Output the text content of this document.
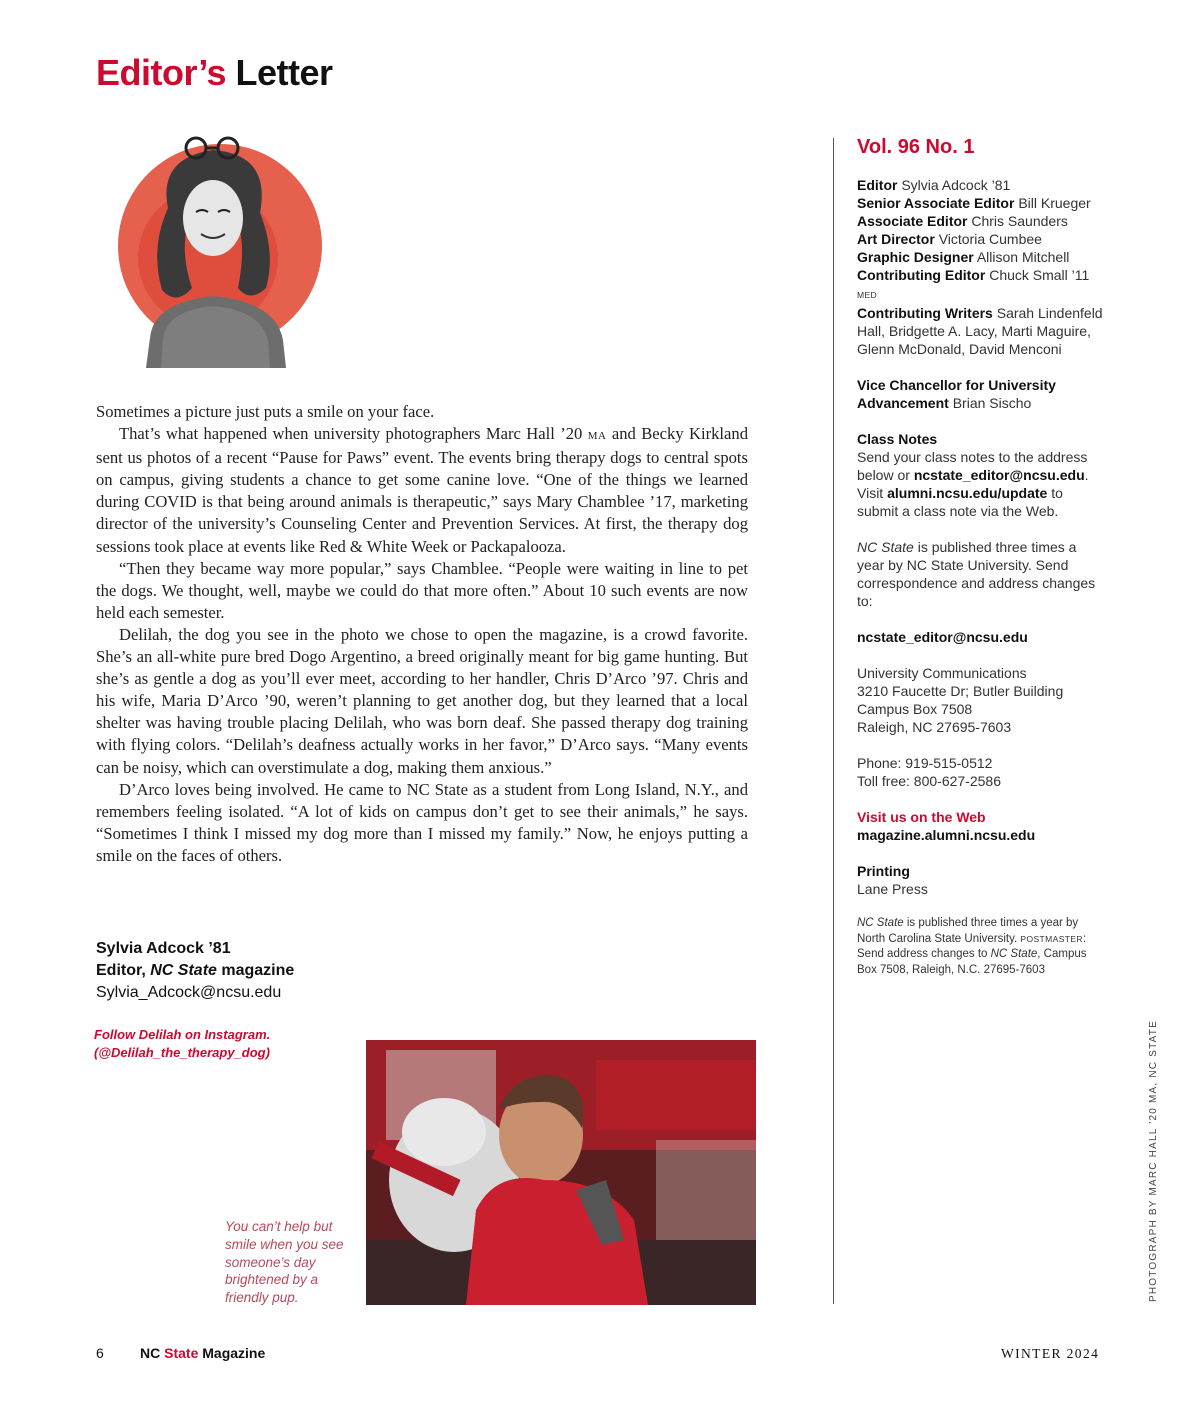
Editor’s Letter

Sometimes a picture just puts a smile on your face.

That’s what happened when university photographers Marc Hall ’20 MA and Becky Kirkland sent us photos of a recent “Pause for Paws” event. The events bring therapy dogs to central spots on campus, giving students a chance to get some canine love. “One of the things we learned during COVID is that being around animals is therapeutic,” says Mary Chamblee ’17, marketing director of the university’s Counseling Center and Prevention Services. At first, the therapy dog sessions took place at events like Red & White Week or Packapalooza.

“Then they became way more popular,” says Chamblee. “People were waiting in line to pet the dogs. We thought, well, maybe we could do that more often.” About 10 such events are now held each semester.

Delilah, the dog you see in the photo we chose to open the magazine, is a crowd favorite. She’s an all-white pure bred Dogo Argentino, a breed originally meant for big game hunting. But she’s as gentle a dog as you’ll ever meet, according to her handler, Chris D’Arco ’97. Chris and his wife, Maria D’Arco ’90, weren’t planning to get another dog, but they learned that a local shelter was having trouble placing Delilah, who was born deaf. She passed therapy dog training with flying colors. “Delilah’s deafness actually works in her favor,” D’Arco says. “Many events can be noisy, which can overstimulate a dog, making them anxious.”

D’Arco loves being involved. He came to NC State as a student from Long Island, N.Y., and remembers feeling isolated. “A lot of kids on campus don’t get to see their animals,” he says. “Sometimes I think I missed my dog more than I missed my family.” Now, he enjoys putting a smile on the faces of others.

Sylvia Adcock ’81
Editor, NC State magazine
Sylvia_Adcock@ncsu.edu
Follow Delilah on Instagram.
(@Delilah_the_therapy_dog)
You can’t help but smile when you see someone’s day brightened by a friendly pup.
Vol. 96 No. 1
Editor Sylvia Adcock ’81
Senior Associate Editor Bill Krueger
Associate Editor Chris Saunders
Art Director Victoria Cumbee
Graphic Designer Allison Mitchell
Contributing Editor Chuck Small ’11 MED
Contributing Writers Sarah Lindenfeld Hall, Bridgette A. Lacy, Marti Maguire, Glenn McDonald, David Menconi
Vice Chancellor for University Advancement Brian Sischo
Class Notes
Send your class notes to the address below or ncstate_editor@ncsu.edu. Visit alumni.ncsu.edu/update to submit a class note via the Web.
NC State is published three times a year by NC State University. Send correspondence and address changes to:
ncstate_editor@ncsu.edu
University Communications
3210 Faucette Dr; Butler Building
Campus Box 7508
Raleigh, NC 27695-7603
Phone: 919-515-0512
Toll free: 800-627-2586
Visit us on the Web
magazine.alumni.ncsu.edu
Printing
Lane Press
NC State is published three times a year by North Carolina State University. POSTMASTER: Send address changes to NC State, Campus Box 7508, Raleigh, N.C. 27695-7603
PHOTOGRAPH BY MARC HALL ’20 MA, NC STATE
6	NC State Magazine	WINTER 2024
